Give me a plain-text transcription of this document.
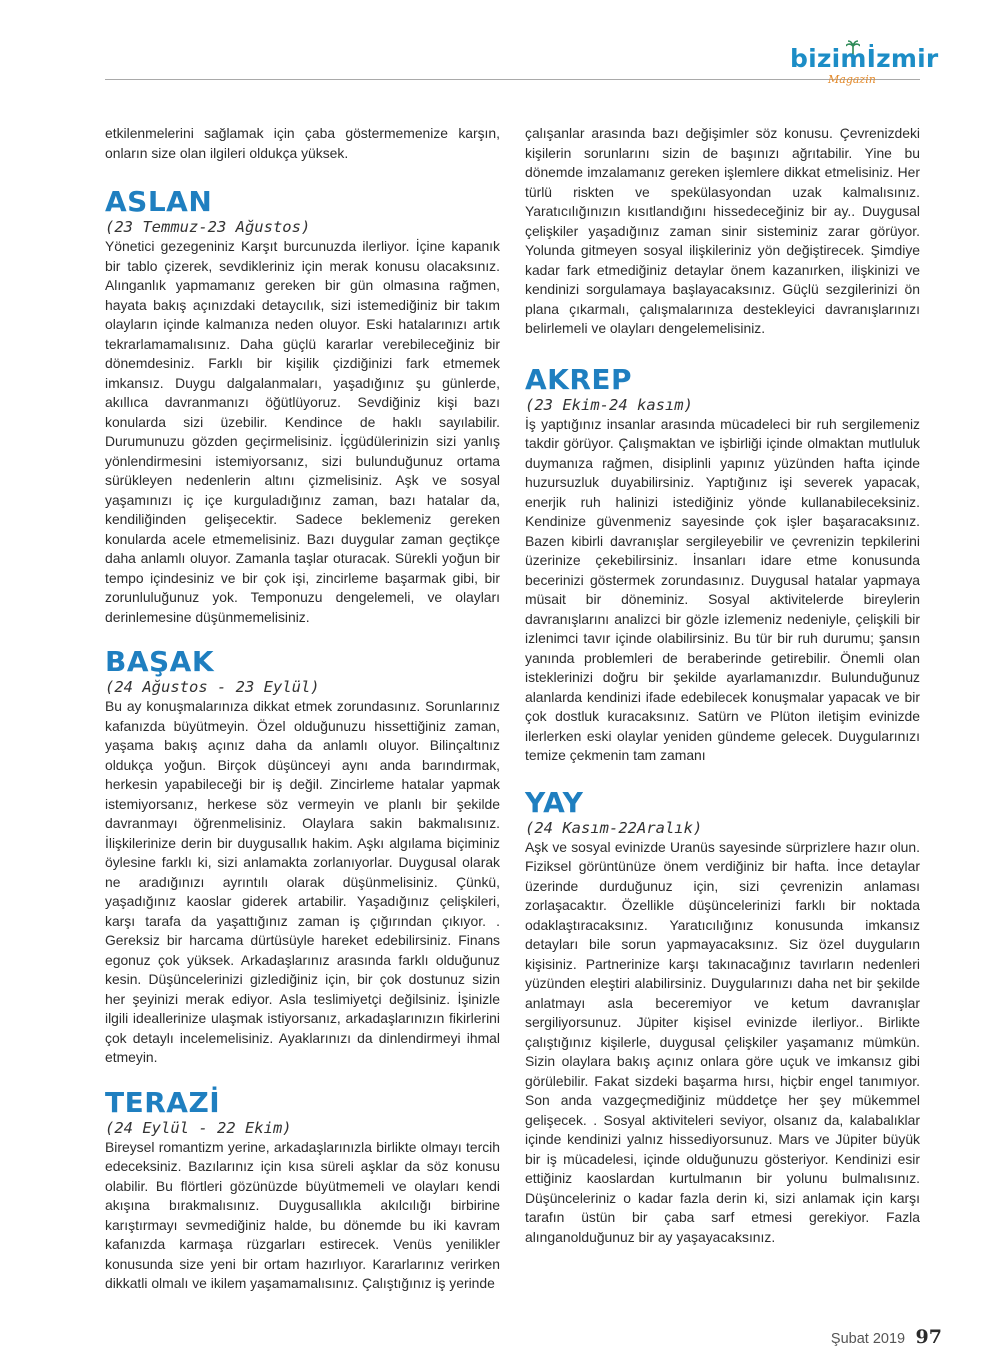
bizimİzmir
Magazin

etkilenmelerini sağlamak için çaba göstermemenize karşın, onların size olan ilgileri oldukça yüksek.

ASLAN
(23 Temmuz-23 Ağustos)

Yönetici gezegeniniz Karşıt burcunuzda ilerliyor. İçine kapanık bir tablo çizerek, sevdikleriniz için merak konusu olacaksınız. Alınganlık yapmamanız gereken bir gün olmasına rağmen, hayata bakış açınızdaki detaycılık, sizi istemediğiniz bir takım olayların içinde kalmanıza neden oluyor. Eski hatalarınızı artık tekrarlamamalısınız. Daha güçlü kararlar verebileceğiniz bir dönemdesiniz. Farklı bir kişilik çizdiğinizi fark etmemek imkansız. Duygu dalgalanmaları, yaşadığınız şu günlerde, akıllıca davranmanızı öğütlüyoruz. Sevdiğiniz kişi bazı konularda sizi üzebilir. Kendince de haklı sayılabilir. Durumunuzu gözden geçirmelisiniz. İçgüdülerinizin sizi yanlış yönlendirmesini istemiyorsanız, sizi bulunduğunuz ortama sürükleyen nedenlerin altını çizmelisiniz. Aşk ve sosyal yaşamınızı iç içe kurguladığınız zaman, bazı hatalar da, kendiliğinden gelişecektir. Sadece beklemeniz gereken konularda acele etmemelisiniz. Bazı duygular zaman geçtikçe daha anlamlı oluyor. Zamanla taşlar oturacak. Sürekli yoğun bir tempo içindesiniz ve bir çok işi, zincirleme başarmak gibi, bir zorunluluğunuz yok. Temponuzu dengelemeli, ve olayları derinlemesine düşünmemelisiniz.

BAŞAK
(24 Ağustos - 23 Eylül)

Bu ay konuşmalarınıza dikkat etmek zorundasınız. Sorunlarınız kafanızda büyütmeyin. Özel olduğunuzu hissettiğiniz zaman, yaşama bakış açınız daha da anlamlı oluyor. Bilinçaltınız oldukça yoğun. Birçok düşünceyi aynı anda barındırmak, herkesin yapabileceği bir iş değil. Zincirleme hatalar yapmak istemiyorsanız, herkese söz vermeyin ve planlı bir şekilde davranmayı öğrenmelisiniz. Olaylara sakin bakmalısınız. İlişkilerinize derin bir duygusallık hakim. Aşkı algılama biçiminiz öylesine farklı ki, sizi anlamakta zorlanıyorlar. Duygusal olarak ne aradığınızı ayrıntılı olarak düşünmelisiniz. Çünkü, yaşadığınız kaoslar giderek artabilir. Yaşadığınız çelişkileri, karşı tarafa da yaşattığınız zaman iş çığırından çıkıyor. . Gereksiz bir harcama dürtüsüyle hareket edebilirsiniz. Finans egonuz çok yüksek. Arkadaşlarınız arasında farklı olduğunuz kesin. Düşüncelerinizi gizlediğiniz için, bir çok dostunuz sizin her şeyinizi merak ediyor. Asla teslimiyetçi değilsiniz. İşinizle ilgili ideallerinize ulaşmak istiyorsanız, arkadaşlarınızın fikirlerini çok detaylı incelemelisiniz. Ayaklarınızı da dinlendirmeyi ihmal etmeyin.

TERAZİ
(24 Eylül - 22 Ekim)

Bireysel romantizm yerine, arkadaşlarınızla birlikte olmayı tercih edeceksiniz. Bazılarınız için kısa süreli aşklar da söz konusu olabilir. Bu flörtleri gözünüzde büyütmemeli ve olayları kendi akışına bırakmalısınız. Duygusallıkla akılcılığı birbirine karıştırmayı sevmediğiniz halde, bu dönemde bu iki kavram kafanızda karmaşa rüzgarları estirecek. Venüs yenilikler konusunda size yeni bir ortam hazırlıyor. Kararlarınız verirken dikkatli olmalı ve ikilem yaşamamalısınız. Çalıştığınız iş yerinde

çalışanlar arasında bazı değişimler söz konusu. Çevrenizdeki kişilerin sorunlarını sizin de başınızı ağrıtabilir. Yine bu dönemde imzalamanız gereken işlemlere dikkat etmelisiniz. Her türlü riskten ve spekülasyondan uzak kalmalısınız. Yaratıcılığınızın kısıtlandığını hissedeceğiniz bir ay.. Duygusal çelişkiler yaşadığınız zaman sinir sisteminiz zarar görüyor. Yolunda gitmeyen sosyal ilişkileriniz yön değiştirecek. Şimdiye kadar fark etmediğiniz detaylar önem kazanırken, ilişkinizi ve kendinizi sorgulamaya başlayacaksınız. Güçlü sezgilerinizi ön plana çıkarmalı, çalışmalarınıza destekleyici davranışlarınızı belirlemeli ve olayları dengelemelisiniz.

AKREP
(23 Ekim-24 kasım)

İş yaptığınız insanlar arasında mücadeleci bir ruh sergilemeniz takdir görüyor. Çalışmaktan ve işbirliği içinde olmaktan mutluluk duymanıza rağmen, disiplinli yapınız yüzünden hafta içinde huzursuzluk duyabilirsiniz. Yaptığınız işi severek yapacak, enerjik ruh halinizi istediğiniz yönde kullanabileceksiniz. Kendinize güvenmeniz sayesinde çok işler başaracaksınız. Bazen kibirli davranışlar sergileyebilir ve çevrenizin tepkilerini üzerinize çekebilirsiniz. İnsanları idare etme konusunda becerinizi göstermek zorundasınız. Duygusal hatalar yapmaya müsait bir döneminiz. Sosyal aktivitelerde bireylerin davranışlarını analizci bir gözle izlemeniz nedeniyle, çelişkili bir izlenimci tavır içinde olabilirsiniz. Bu tür bir ruh durumu; şansın yanında problemleri de beraberinde getirebilir. Önemli olan isteklerinizi doğru bir şekilde ayarlamanızdır. Bulunduğunuz alanlarda kendinizi ifade edebilecek konuşmalar yapacak ve bir çok dostluk kuracaksınız. Satürn ve Plüton iletişim evinizde ilerlerken eski olaylar yeniden gündeme gelecek. Duygularınızı temize çekmenin tam zamanı

YAY
(24 Kasım-22Aralık)

Aşk ve sosyal evinizde Uranüs sayesinde sürprizlere hazır olun. Fiziksel görüntünüze önem verdiğiniz bir hafta. İnce detaylar üzerinde durduğunuz için, sizi çevrenizin anlaması zorlaşacaktır. Özellikle düşüncelerinizi farklı bir noktada odaklaştıracaksınız. Yaratıcılığınız konusunda imkansız detayları bile sorun yapmayacaksınız. Siz özel duyguların kişisiniz. Partnerinize karşı takınacağınız tavırların nedenleri yüzünden eleştiri alabilirsiniz. Duygularınızı daha net bir şekilde anlatmayı asla beceremiyor ve ketum davranışlar sergiliyorsunuz. Jüpiter kişisel evinizde ilerliyor.. Birlikte çalıştığınız kişilerle, duygusal çelişkiler yaşamanız mümkün. Sizin olaylara bakış açınız onlara göre uçuk ve imkansız gibi görülebilir. Fakat sizdeki başarma hırsı, hiçbir engel tanımıyor. Son anda vazgeçmediğiniz müddetçe her şey mükemmel gelişecek. . Sosyal aktiviteleri seviyor, olsanız da, kalabalıklar içinde kendinizi yalnız hissediyorsunuz. Mars ve Jüpiter büyük bir iş mücadelesi, içinde olduğunuzu gösteriyor. Kendinizi esir ettiğiniz kaoslardan kurtulmanın bir yolunu bulmalısınız. Düşünceleriniz o kadar fazla derin ki, sizi anlamak için karşı tarafın üstün bir çaba sarf etmesi gerekiyor. Fazla alınganolduğunuz bir ay yaşayacaksınız.

Şubat 2019 97
